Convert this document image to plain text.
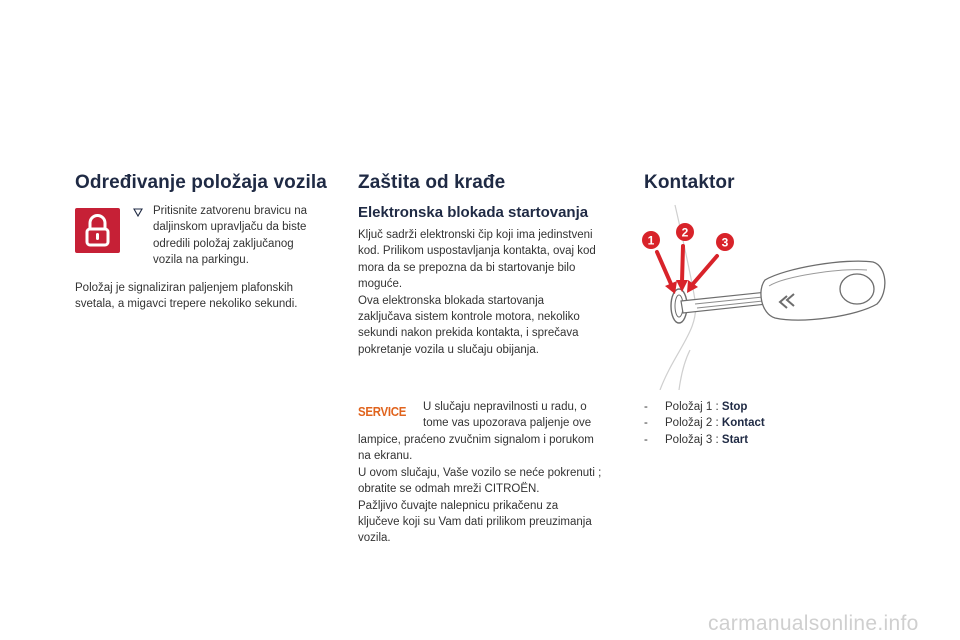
Određivanje položaja vozila
Pritisnite zatvorenu bravicu na
daljinskom upravljaču da biste
odredili položaj zaključanog
vozila na parkingu.
Položaj je signaliziran paljenjem plafonskih
svetala, a migavci trepere nekoliko sekundi.
Zaštita od krađe
Elektronska blokada startovanja
Ključ sadrži elektronski čip koji ima jedinstveni
kod. Prilikom uspostavljanja kontakta, ovaj kod
mora da se prepozna da bi startovanje bilo
moguće.
Ova elektronska blokada startovanja
zaključava sistem kontrole motora, nekoliko
sekundi nakon prekida kontakta, i sprečava
pokretanje vozila u slučaju obijanja.
SERVICE U slučaju nepravilnosti u radu, o
tome vas upozorava paljenje ove
lampice, praćeno zvučnim signalom i porukom
na ekranu.
U ovom slučaju, Vaše vozilo se neće pokrenuti ;
obratite se odmah mreži CITROËN.
Pažljivo čuvajte nalepnicu prikačenu za
ključeve koji su Vam dati prilikom preuzimanja
vozila.
Kontaktor
1
2
3
- Položaj 1 : Stop
- Položaj 2 : Kontact
- Položaj 3 : Start
carmanualsonline.info
